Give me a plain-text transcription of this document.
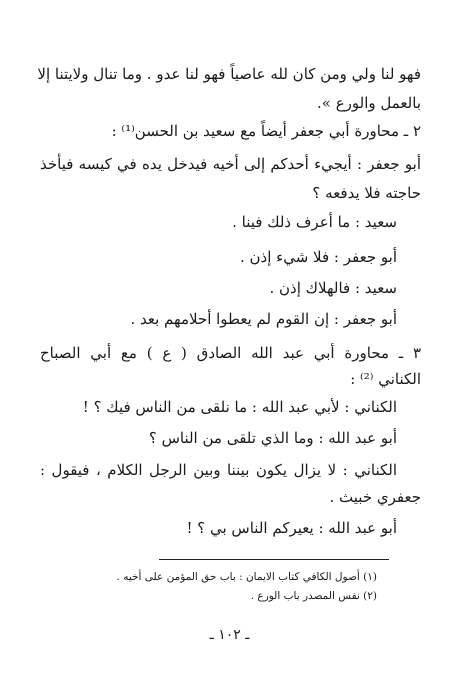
فهو لنا ولي ومن كان لله عاصياً فهو لنا عدو . وما تنال ولايتنا إلا
بالعمل والورع ».
٢ ـ محاورة أبي جعفر أيضاً مع سعيد بن الحسن⁽¹⁾ :
أبو جعفر : أيجيء أحدكم إلى أخيه فيدخل يده في كيسه فيأخذ
حاجته فلا يدفعه ؟
سعيد : ما أعرف ذلك فينا .
أبو جعفر : فلا شيء إذن .
سعيد : فالهلاك إذن .
أبو جعفر : إن القوم لم يعطوا أحلامهم بعد .
٣ ـ محاورة أبي عبد الله الصادق ( ع ) مع أبي الصباح
الكناني ⁽²⁾ :
الكناني : لأبي عبد الله : ما نلقى من الناس فيك ؟ !
أبو عبد الله : وما الذي تلقى من الناس ؟
الكناني : لا يزال يكون بيننا وبين الرجل الكلام ، فيقول :
جعفري خبيث .
أبو عبد الله : يعيركم الناس بي ؟ !
(١) أصول الكافي كتاب الايمان : باب حق المؤمن على أخيه .
(٢) نفس المصدر باب الورع .
ـ ١٠٢ ـ
